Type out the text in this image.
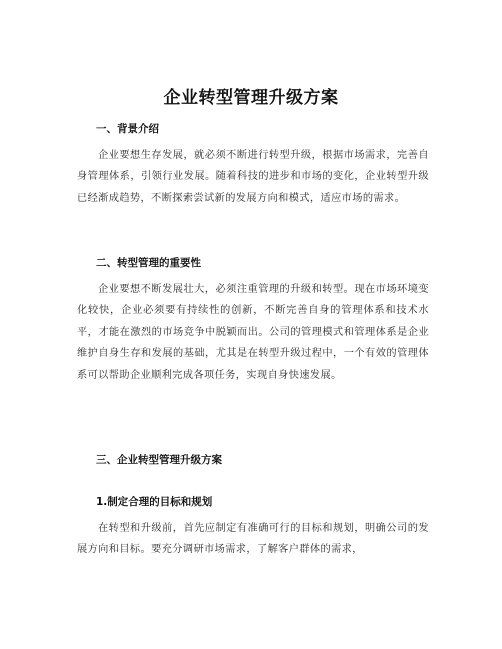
企业转型管理升级方案
一、背景介绍
企业要想生存发展，就必须不断进行转型升级，根据市场需求，完善自身管理体系，引领行业发展。随着科技的进步和市场的变化，企业转型升级已经渐成趋势，不断探索尝试新的发展方向和模式，适应市场的需求。
二、转型管理的重要性
企业要想不断发展壮大，必须注重管理的升级和转型。现在市场环境变化较快，企业必须要有持续性的创新，不断完善自身的管理体系和技术水平，才能在激烈的市场竞争中脱颖而出。公司的管理模式和管理体系是企业维护自身生存和发展的基础，尤其是在转型升级过程中，一个有效的管理体系可以帮助企业顺利完成各项任务，实现自身快速发展。
三、企业转型管理升级方案
1.制定合理的目标和规划
在转型和升级前，首先应制定有准确可行的目标和规划，明确公司的发展方向和目标。要充分调研市场需求，了解客户群体的需求，
